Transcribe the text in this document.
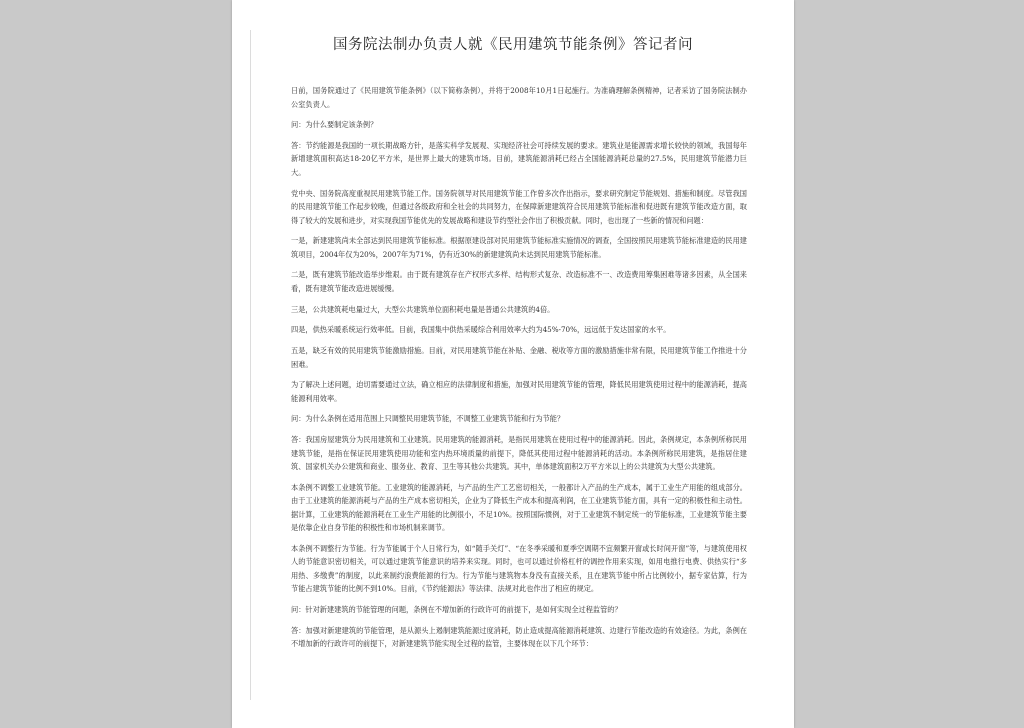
国务院法制办负责人就《民用建筑节能条例》答记者问

日前，国务院通过了《民用建筑节能条例》（以下简称条例），并将于2008年10月1日起施行。为准确理解条例精神，记者采访了国务院法制办公室负责人。

问：为什么要制定该条例？

答：节约能源是我国的一项长期战略方针，是落实科学发展观、实现经济社会可持续发展的要求。建筑业是能源需求增长较快的领域，我国每年新增建筑面积高达18-20亿平方米，是世界上最大的建筑市场。目前，建筑能源消耗已经占全国能源消耗总量的27.5%，民用建筑节能潜力巨大。

党中央、国务院高度重视民用建筑节能工作。国务院领导对民用建筑节能工作曾多次作出指示，要求研究制定节能规划、措施和制度。尽管我国的民用建筑节能工作起步较晚，但通过各级政府和全社会的共同努力，在保障新建建筑符合民用建筑节能标准和促进既有建筑节能改造方面，取得了较大的发展和进步，对实现我国节能优先的发展战略和建设节约型社会作出了积极贡献。同时，也出现了一些新的情况和问题：

一是，新建建筑尚未全部达到民用建筑节能标准。根据原建设部对民用建筑节能标准实施情况的调查，全国按照民用建筑节能标准建造的民用建筑项目，2004年仅为20%，2007年为71%，仍有近30%的新建建筑尚未达到民用建筑节能标准。

二是，既有建筑节能改造举步维艰。由于既有建筑存在产权形式多样、结构形式复杂、改造标准不一、改造费用筹集困难等诸多因素，从全国来看，既有建筑节能改造进展缓慢。

三是，公共建筑耗电量过大，大型公共建筑单位面积耗电量是普通公共建筑的4倍。

四是，供热采暖系统运行效率低。目前，我国集中供热采暖综合利用效率大约为45%-70%，远远低于发达国家的水平。

五是，缺乏有效的民用建筑节能激励措施。目前，对民用建筑节能在补贴、金融、税收等方面的激励措施非常有限，民用建筑节能工作推进十分困难。

为了解决上述问题，迫切需要通过立法，确立相应的法律制度和措施，加强对民用建筑节能的管理，降低民用建筑使用过程中的能源消耗，提高能源利用效率。

问：为什么条例在适用范围上只调整民用建筑节能，不调整工业建筑节能和行为节能？

答：我国房屋建筑分为民用建筑和工业建筑。民用建筑的能源消耗，是指民用建筑在使用过程中的能源消耗。因此，条例规定，本条例所称民用建筑节能，是指在保证民用建筑使用功能和室内热环境质量的前提下，降低其使用过程中能源消耗的活动。本条例所称民用建筑，是指居住建筑、国家机关办公建筑和商业、服务业、教育、卫生等其他公共建筑。其中，单体建筑面积2万平方米以上的公共建筑为大型公共建筑。

本条例不调整工业建筑节能。工业建筑的能源消耗，与产品的生产工艺密切相关，一般都计入产品的生产成本，属于工业生产用能的组成部分。由于工业建筑的能源消耗与产品的生产成本密切相关，企业为了降低生产成本和提高利润，在工业建筑节能方面，具有一定的积极性和主动性。据计算，工业建筑的能源消耗在工业生产用能的比例很小，不足10%。按照国际惯例，对于工业建筑不制定统一的节能标准，工业建筑节能主要是依靠企业自身节能的积极性和市场机制来调节。

本条例不调整行为节能。行为节能属于个人日常行为，如“随手关灯”、“在冬季采暖和夏季空调期不宜频繁开窗或长时间开窗”等，与建筑使用权人的节能意识密切相关，可以通过建筑节能意识的培养来实现。同时，也可以通过价格杠杆的调控作用来实现，如用电推行电费、供热实行“多用热、多缴费”的制度，以此来制约浪费能源的行为。行为节能与建筑物本身没有直接关系，且在建筑节能中所占比例较小，据专家估算，行为节能占建筑节能的比例不到10%。目前，《节约能源法》等法律、法规对此也作出了相应的规定。

问：针对新建建筑的节能管理的问题，条例在不增加新的行政许可的前提下，是如何实现全过程监管的？

答：加强对新建建筑的节能管理，是从源头上遏制建筑能源过度消耗，防止造成提高能源消耗建筑、边建行节能改造的有效途径。为此，条例在不增加新的行政许可的前提下，对新建建筑节能实现全过程的监管，主要体现在以下几个环节：
